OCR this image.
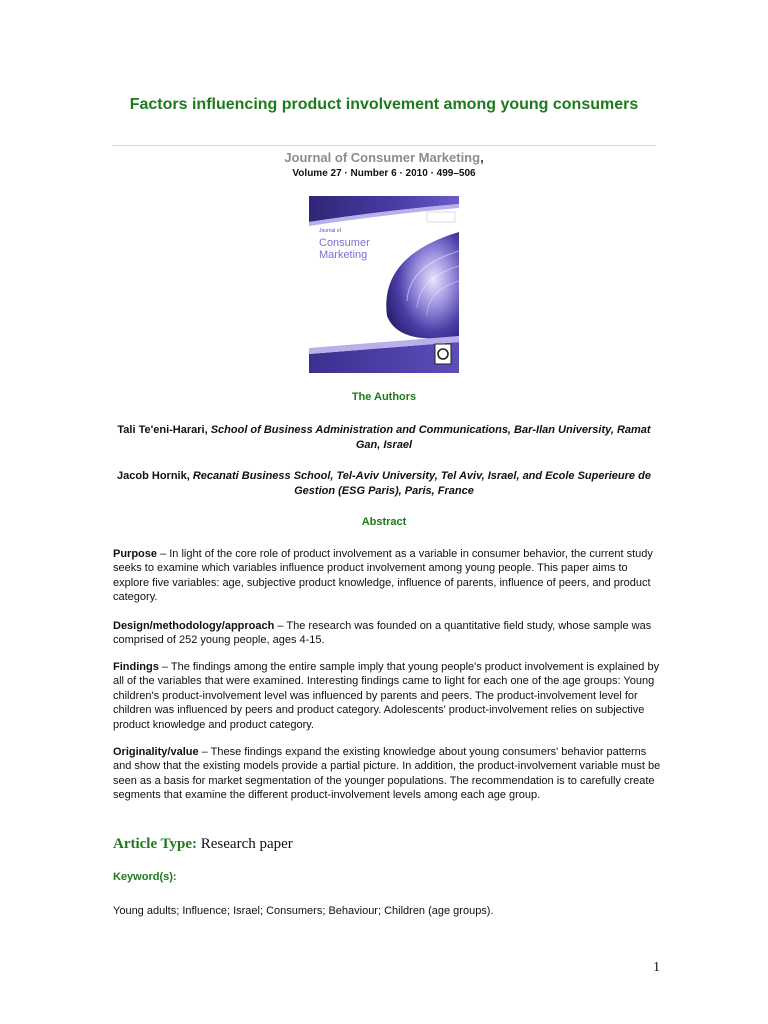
Factors influencing product involvement among young consumers
Journal of Consumer Marketing,
Volume 27 · Number 6 · 2010 · 499–506
Journal of
Consumer
Marketing
The Authors
Tali Te'eni-Harari, School of Business Administration and Communications, Bar-Ilan University, Ramat Gan, Israel
Jacob Hornik, Recanati Business School, Tel-Aviv University, Tel Aviv, Israel, and Ecole Superieure de Gestion (ESG Paris), Paris, France
Abstract
Purpose – In light of the core role of product involvement as a variable in consumer behavior, the current study seeks to examine which variables influence product involvement among young people. This paper aims to explore five variables: age, subjective product knowledge, influence of parents, influence of peers, and product category.
Design/methodology/approach – The research was founded on a quantitative field study, whose sample was comprised of 252 young people, ages 4-15.
Findings – The findings among the entire sample imply that young people's product involvement is explained by all of the variables that were examined. Interesting findings came to light for each one of the age groups: Young children's product-involvement level was influenced by parents and peers. The product-involvement level for children was influenced by peers and product category. Adolescents' product-involvement relies on subjective product knowledge and product category.
Originality/value – These findings expand the existing knowledge about young consumers' behavior patterns and show that the existing models provide a partial picture. In addition, the product-involvement variable must be seen as a basis for market segmentation of the younger populations. The recommendation is to carefully create segments that examine the different product-involvement levels among each age group.
Article Type: Research paper
Keyword(s):
Young adults; Influence; Israel; Consumers; Behaviour; Children (age groups).
1
